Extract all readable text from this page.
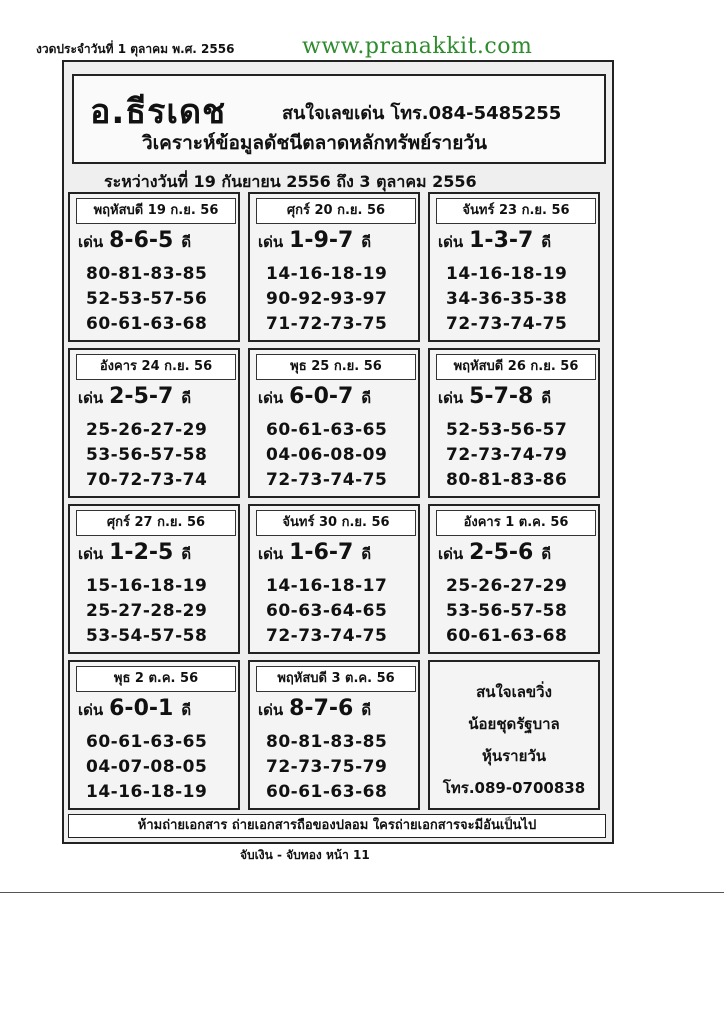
งวดประจำวันที่ 1 ตุลาคม พ.ศ. 2556	www.pranakkit.com
อ.ธีรเดช	สนใจเลขเด่น โทร.084-5485255
วิเคราะห์ข้อมูลดัชนีตลาดหลักทรัพย์รายวัน
ระหว่างวันที่ 19 กันยายน 2556 ถึง 3 ตุลาคม 2556
พฤหัสบดี 19 ก.ย. 56
เด่น 8-6-5 ดี
80-81-83-85
52-53-57-56
60-61-63-68
ศุกร์ 20 ก.ย. 56
เด่น 1-9-7 ดี
14-16-18-19
90-92-93-97
71-72-73-75
จันทร์ 23 ก.ย. 56
เด่น 1-3-7 ดี
14-16-18-19
34-36-35-38
72-73-74-75
อังคาร 24 ก.ย. 56
เด่น 2-5-7 ดี
25-26-27-29
53-56-57-58
70-72-73-74
พุธ 25 ก.ย. 56
เด่น 6-0-7 ดี
60-61-63-65
04-06-08-09
72-73-74-75
พฤหัสบดี 26 ก.ย. 56
เด่น 5-7-8 ดี
52-53-56-57
72-73-74-79
80-81-83-86
ศุกร์ 27 ก.ย. 56
เด่น 1-2-5 ดี
15-16-18-19
25-27-28-29
53-54-57-58
จันทร์ 30 ก.ย. 56
เด่น 1-6-7 ดี
14-16-18-17
60-63-64-65
72-73-74-75
อังคาร 1 ต.ค. 56
เด่น 2-5-6 ดี
25-26-27-29
53-56-57-58
60-61-63-68
พุธ 2 ต.ค. 56
เด่น 6-0-1 ดี
60-61-63-65
04-07-08-05
14-16-18-19
พฤหัสบดี 3 ต.ค. 56
เด่น 8-7-6 ดี
80-81-83-85
72-73-75-79
60-61-63-68
สนใจเลขวิ่ง
น้อยชุดรัฐบาล
หุ้นรายวัน
โทร.089-0700838
ห้ามถ่ายเอกสาร ถ่ายเอกสารถือของปลอม ใครถ่ายเอกสารจะมีอันเป็นไป
จับเงิน - จับทอง หน้า 11
